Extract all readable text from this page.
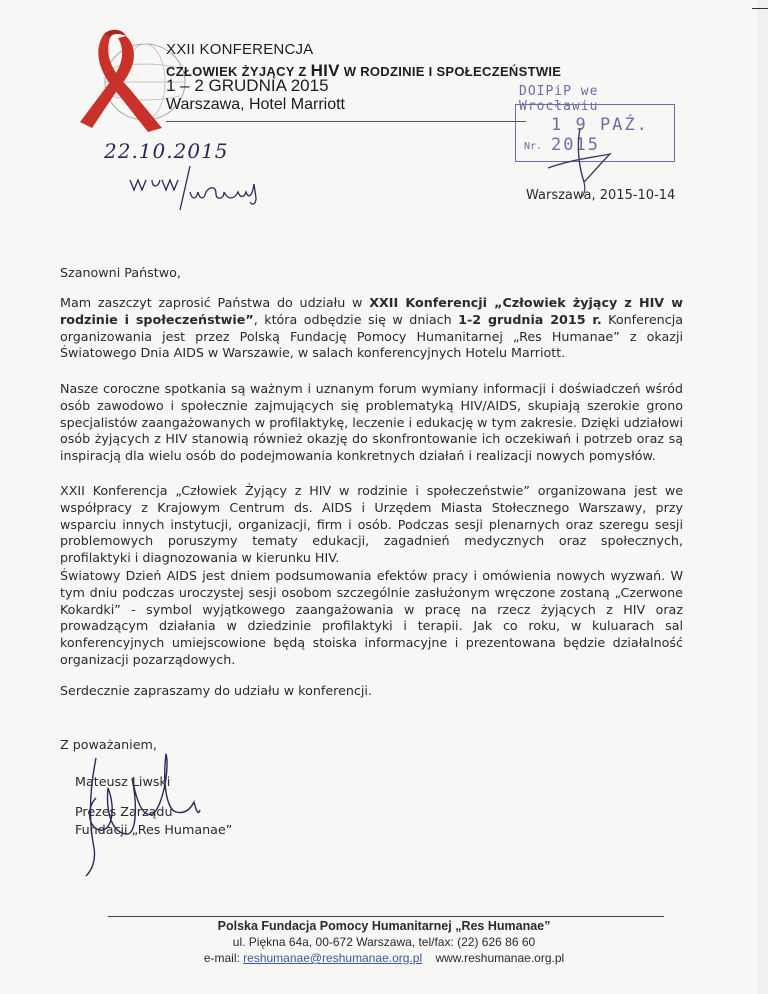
XXII KONFERENCJA
CZŁOWIEK ŻYJĄCY Z HIV W RODZINIE I SPOŁECZEŃSTWIE
1 – 2 GRUDNIA 2015
Warszawa, Hotel Marriott
DOIPiP we Wrocławiu
1 9 PAŹ. 2015
Nr.
22.10.2015
Warszawa, 2015-10-14
Szanowni Państwo,
Mam zaszczyt zaprosić Państwa do udziału w XXII Konferencji „Człowiek żyjący z HIV w rodzinie i społeczeństwie”, która odbędzie się w dniach 1-2 grudnia 2015 r. Konferencja organizowania jest przez Polską Fundację Pomocy Humanitarnej „Res Humanae” z okazji Światowego Dnia AIDS w Warszawie, w salach konferencyjnych Hotelu Marriott.
Nasze coroczne spotkania są ważnym i uznanym forum wymiany informacji i doświadczeń wśród osób zawodowo i społecznie zajmujących się problematyką HIV/AIDS, skupiają szerokie grono specjalistów zaangażowanych w profilaktykę, leczenie i edukację w tym zakresie. Dzięki udziałowi osób żyjących z HIV stanowią również okazję do skonfrontowanie ich oczekiwań i potrzeb oraz są inspiracją dla wielu osób do podejmowania konkretnych działań i realizacji nowych pomysłów.
XXII Konferencja „Człowiek Żyjący z HIV w rodzinie i społeczeństwie” organizowana jest we współpracy z Krajowym Centrum ds. AIDS i Urzędem Miasta Stołecznego Warszawy, przy wsparciu innych instytucji, organizacji, firm i osób. Podczas sesji plenarnych oraz szeregu sesji problemowych poruszymy tematy edukacji, zagadnień medycznych oraz społecznych, profilaktyki i diagnozowania w kierunku HIV.
Światowy Dzień AIDS jest dniem podsumowania efektów pracy i omówienia nowych wyzwań. W tym dniu podczas uroczystej sesji osobom szczególnie zasłużonym wręczone zostaną „Czerwone Kokardki” - symbol wyjątkowego zaangażowania w pracę na rzecz żyjących z HIV oraz prowadzącym działania w dziedzinie profilaktyki i terapii. Jak co roku, w kuluarach sal konferencyjnych umiejscowione będą stoiska informacyjne i prezentowana będzie działalność organizacji pozarządowych.
Serdecznie zapraszamy do udziału w konferencji.
Z poważaniem,
Mateusz Liwski
Prezes Zarządu
Fundacji „Res Humanae”
Polska Fundacja Pomocy Humanitarnej „Res Humanae”
ul. Piękna 64a, 00-672 Warszawa, tel/fax: (22) 626 86 60
e-mail: reshumanae@reshumanae.org.pl www.reshumanae.org.pl
